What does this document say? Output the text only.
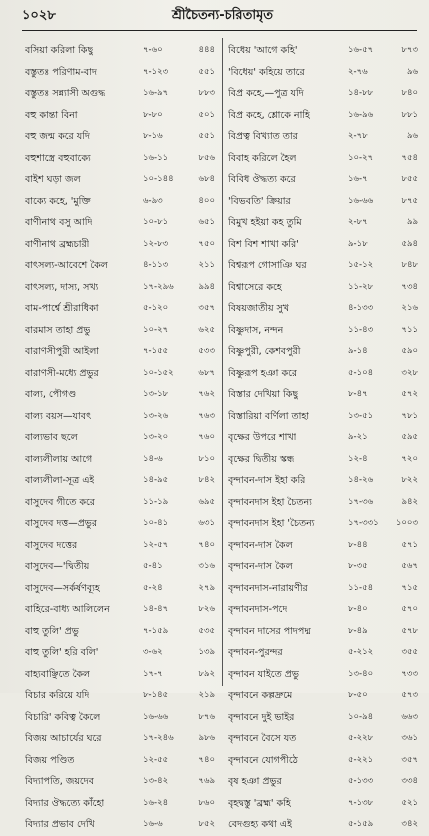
১০২৮	শ্রীচৈতন্য-চরিতামৃত
বসিয়া করিলা কিছু	৭-৬০	৪৪৪
বস্তুতঃ পরিণাম-বাদ	৭-১২৩	৫৫১
বস্তুতঃ সন্ন্যাসী অগুদ্ধ	১৬-৯৭	৮৮৩
বহু কান্তা বিনা	৮-৮০	৫০১
বহু জন্ম করে যদি	৮-১৬	৫৫১
বহুশাস্ত্রে বহুবাক্যে	১৬-১১	৮৫৬
বাইশ ঘড়া জল	১০-১৪৪	৬৮৪
বাক্যে কহে, 'মুক্তি	৬-৯৩	৪০০
বাণীনাথ বসু আদি	১০-৮১	৬৫১
বাণীনাথ ব্রহ্মচারী	১২-৮৩	৭৫০
বাৎসল্য-আবেশে কৈল	৪-১১৩	২১১
বাৎসল্য, দাস্য, সখ্য	১৭-২৯৬	৯৯৪
বাম-পার্শ্বে শ্রীরাধিকা	৫-১২০	৩৫৭
বারমাস তাহা প্রভু	১০-২৭	৬২৫
বারাণসীপুরী আইলা	৭-১৫৫	৫৩৩
বারাণসী-মধ্যে প্রভুর	১০-১৫২	৬৮৭
বাল্য, পৌগণ্ড	১৩-১৮	৭৬২
বাল্য বয়স—যাবৎ	১৩-২৬	৭৬৩
বাল্যভাব ছলে	১৩-২০	৭৬০
বাল্যলীলায় আগে	১৪-৬	৮১০
বাল্যলীলা-সূত্র এই	১৪-৯৫	৮৪২
বাসুদেব গীতে করে	১১-১৯	৬৯৫
বাসুদেব দত্ত—প্রভুর	১০-৪১	৬৩১
বাসুদেব দত্তের	১২-৫৭	৭৪০
বাসুদেব—'দ্বিতীয়	৫-৪১	৩১৬
বাসুদেব—সর্কর্ষণব্যূহ	৫-২৪	২৭৯
বাহিরে-বাধ্য আলিলেন	১৪-৪৭	৮২৬
বাহু তুলি' প্রভু	৭-১৫৯	৫৩৫
বাহু তুলি' হরি বলি'	৩-৬২	১৩৯
বাহ্যবাঞ্ছিতে কৈল	১৭-৭	৮৯২
বিচার করিয়ে যদি	৮-১৪৫	২১৯
বিচারি' কবিত্ব কৈলে	১৬-৬৬	৮৭৬
বিজয় আচার্যের ঘরে	১৭-২৪৬	৯৮৬
বিজয় পণ্ডিত	১২-৫৫	৭৪০
বিদ্যাপতি, জয়দেব	১৩-৪২	৭৬৯
বিদ্যার ঔদ্ধত্যে কাঁহো	১৬-২৪	৮৬০
বিদ্যার প্রভাব দেখি	১৬-৬	৮৫২
বিধেয় 'আগে কহি'	১৬-৫৭	৮৭৩
'বিধেয়' কহিয়ে তারে	২-৭৬	৯৬
বিপ্র কহে,—পুত্র যদি	১৪-৮৮	৮৪০
বিপ্র কহে, শ্লোকে নাহি	১৬-৯৬	৮৮১
বিপ্রত্ব বিখ্যাত তার	২-৭৮	৯৬
বিবাহ করিলে হৈল	১০-২৭	৭৫৪
বিবিধ ঔদ্ধত্য করে	১৬-৭	৮৫৫
'বিভবতি' ক্রিয়ার	১৬-৬৬	৮৭৫
বিমুখ হইয়া কহ তুমি	২-৮৭	৯৯
বিশ বিশ শাখা করি'	৯-১৮	৫৯৪
বিশ্বরূপ গোসাঞি ঘর	১৫-১২	৮৪৮
বিশ্বাসেরে কহে	১১-২৮	৭৩৪
বিষয়জাতীয় সুখ	৪-১৩৩	২১৬
বিষ্ণুদাস, নন্দন	১১-৪৩	৭১১
বিষ্ণুপুরী, কেশবপুরী	৯-১৪	৫৯০
বিষ্ণুরূপ হঞা করে	৫-১০৪	৩২৮
বিস্তার দেখিয়া কিছু	৮-৪৭	৫৭২
বিস্তারিয়া বর্ণিলা তাহা	১৩-৫১	৭৮১
বৃক্ষের উপরে শাখা	৯-২১	৫৯৫
বৃক্ষের দ্বিতীয় স্কন্ধ	১২-৪	৭২০
বৃন্দাবন-দাস ইহা করি	১৪-২৬	৮২২
বৃন্দাবনদাস ইহা চৈতন্য	১৭-৩৬	৯৪২
বৃন্দাবনদাস ইহা 'চৈতন্য	১৭-৩৩১	১০০৩
বৃন্দাবন-দাস কৈল	৮-৪৪	৫৭১
বৃন্দাবন-দাস কৈল	৮-৩৫	৫৬৭
বৃন্দাবনদাস-নারায়ণীর	১১-৫৪	৭১৫
বৃন্দাবনদাস-পদে	৮-৪০	৫৭০
বৃন্দাবন দাসের পাদপদ্ম	৮-৪৯	৫৭৮
বৃন্দাবন-পুরন্দর	৫-২১২	৩৫৫
বৃন্দাবন যাইতে প্রভু	১৩-৪০	৭৩৩
বৃন্দাবনে কল্পদ্রুমে	৮-৫০	৫৭৩
বৃন্দাবনে দুই ভাইর	১০-৯৪	৬৬৩
বৃন্দাবনে বৈসে যত	৫-২২৮	৩৬১
বৃন্দাবনে যোগপীঠে	৫-২২১	৩৫৭
বৃষ হঞা প্রভুর	৫-১৩৩	৩৩৪
বৃহদ্বস্তু 'ব্রহ্ম' কহি	৭-১৩৮	৫২১
বেদগুহ্য কথা এই	৫-১৫৯	৩৪২
